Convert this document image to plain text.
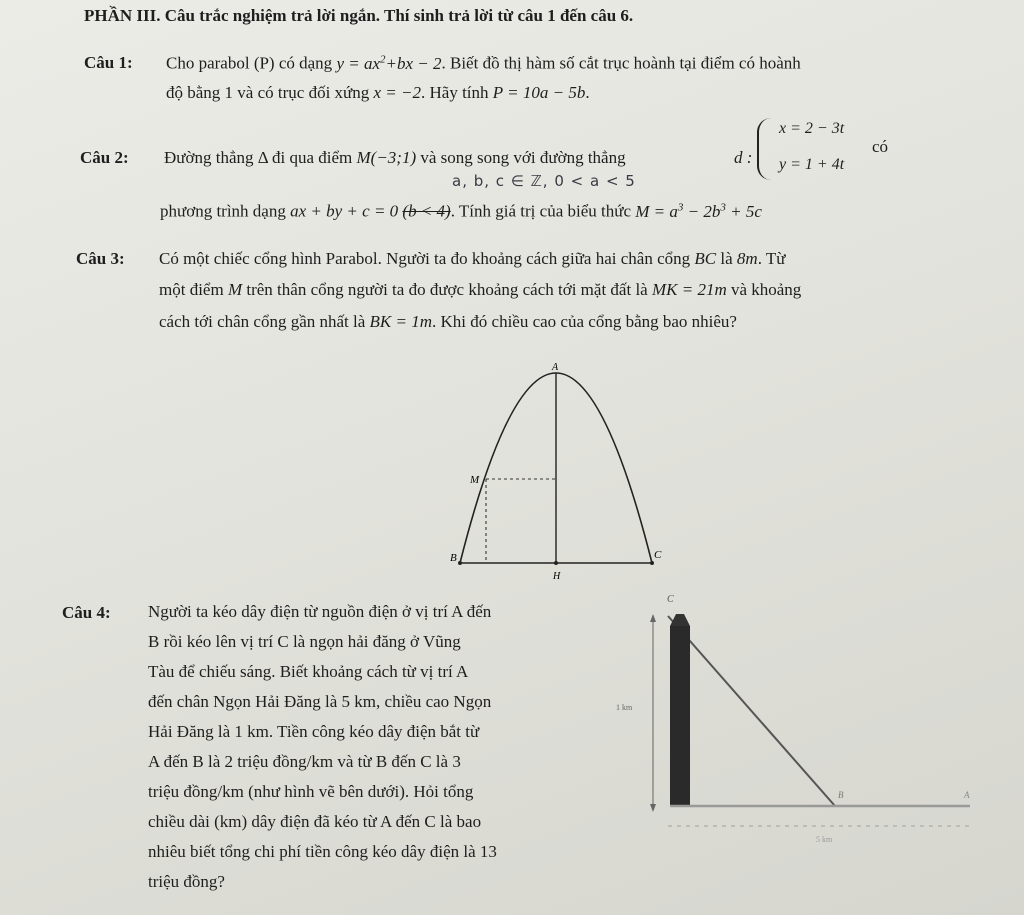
PHẦN III. Câu trắc nghiệm trả lời ngắn. Thí sinh trả lời từ câu 1 đến câu 6.
Câu 1: Cho parabol (P) có dạng $y = ax^2+bx - 2$. Biết đồ thị hàm số cắt trục hoành tại điểm có hoành
độ bằng 1 và có trục đối xứng x = −2. Hãy tính P = 10a − 5b.
Câu 2: Đường thẳng Δ đi qua điểm M(−3;1) và song song với đường thẳng	d :
x = 2 − 3t
y = 1 + 4t
có
a, b, c ∈ ℤ, 0 < a < 5
phương trình dạng ax + by + c = 0 (b < 4). Tính giá trị của biểu thức $M = a^3 - 2b^3 + 5c$
Câu 3: Có một chiếc cổng hình Parabol. Người ta đo khoảng cách giữa hai chân cổng BC là 8m. Từ
một điểm M trên thân cổng người ta đo được khoảng cách tới mặt đất là MK = 21m và khoảng
cách tới chân cổng gần nhất là BK = 1m. Khi đó chiều cao của cổng bằng bao nhiêu?
A
M
B	C
H
Câu 4: Người ta kéo dây điện từ nguồn điện ở vị trí A đến
B rồi kéo lên vị trí C là ngọn hải đăng ở Vũng
Tàu để chiếu sáng. Biết khoảng cách từ vị trí A
đến chân Ngọn Hải Đăng là 5 km, chiều cao Ngọn
Hải Đăng là 1 km. Tiền công kéo dây điện bắt từ
A đến B là 2 triệu đồng/km và từ B đến C là 3
triệu đồng/km (như hình vẽ bên dưới). Hỏi tổng
chiều dài (km) dây điện đã kéo từ A đến C là bao
nhiêu biết tổng chi phí tiền công kéo dây điện là 13
triệu đồng?
C
1 km
B	A
5 km
